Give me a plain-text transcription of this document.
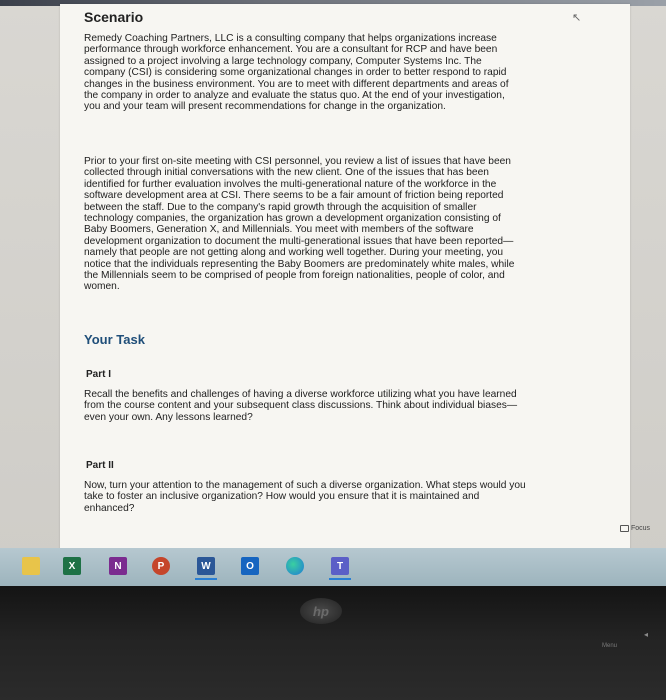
Scenario	↖
Remedy Coaching Partners, LLC is a consulting company that helps organizations increase performance through workforce enhancement. You are a consultant for RCP and have been assigned to a project involving a large technology company, Computer Systems Inc. The company (CSI) is considering some organizational changes in order to better respond to rapid changes in the business environment. You are to meet with different departments and areas of the company in order to analyze and evaluate the status quo. At the end of your investigation, you and your team will present recommendations for change in the organization.
Prior to your first on-site meeting with CSI personnel, you review a list of issues that have been collected through initial conversations with the new client. One of the issues that has been identified for further evaluation involves the multi-generational nature of the workforce in the software development area at CSI. There seems to be a fair amount of friction being reported between the staff. Due to the company's rapid growth through the acquisition of smaller technology companies, the organization has grown a development organization consisting of Baby Boomers, Generation X, and Millennials. You meet with members of the software development organization to document the multi-generational issues that have been reported—namely that people are not getting along and working well together. During your meeting, you notice that the individuals representing the Baby Boomers are predominately white males, while the Millennials seem to be comprised of people from foreign nationalities, people of color, and women.
Your Task
Part I
Recall the benefits and challenges of having a diverse workforce utilizing what you have learned from the course content and your subsequent class discussions. Think about individual biases—even your own. Any lessons learned?
Part II
Now, turn your attention to the management of such a diverse organization. What steps would you take to foster an inclusive organization? How would you ensure that it is maintained and enhanced?
Focus
X	N	P	W	O	T
hp
Menu
◂
